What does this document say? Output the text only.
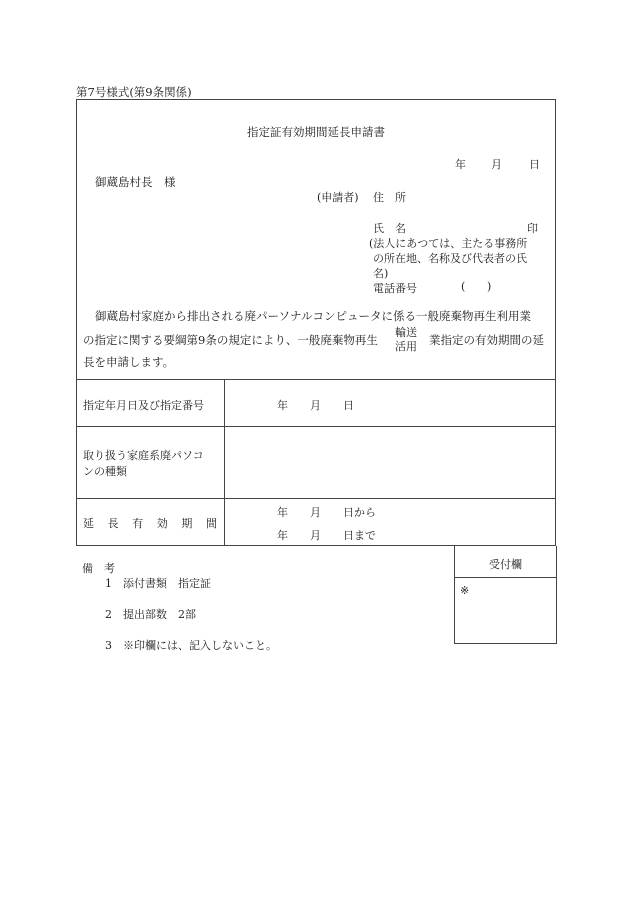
第7号様式(第9条関係)
指定証有効期間延長申請書
年 月 日
御蔵島村長　様
(申請者) 住　所
氏　名	印
(法人にあつては、主たる事務所
の所在地、名称及び代表者の氏
名)
電話番号	( )
御蔵島村家庭から排出される廃パーソナルコンピュータに係る一般廃棄物再生利用業
の指定に関する要綱第9条の規定により、一般廃棄物再生
輸送
活用 業指定の有効期間の延
長を申請します。
指定年月日及び指定番号	年　　月　　日
取り扱う家庭系廃パソコ
ンの種類
延 長 有 効 期 間
年　　月　　日から
年　　月　　日まで
備　考
1　添付書類　指定証
2　提出部数　2部
3　※印欄には、記入しないこと。
受付欄
※
